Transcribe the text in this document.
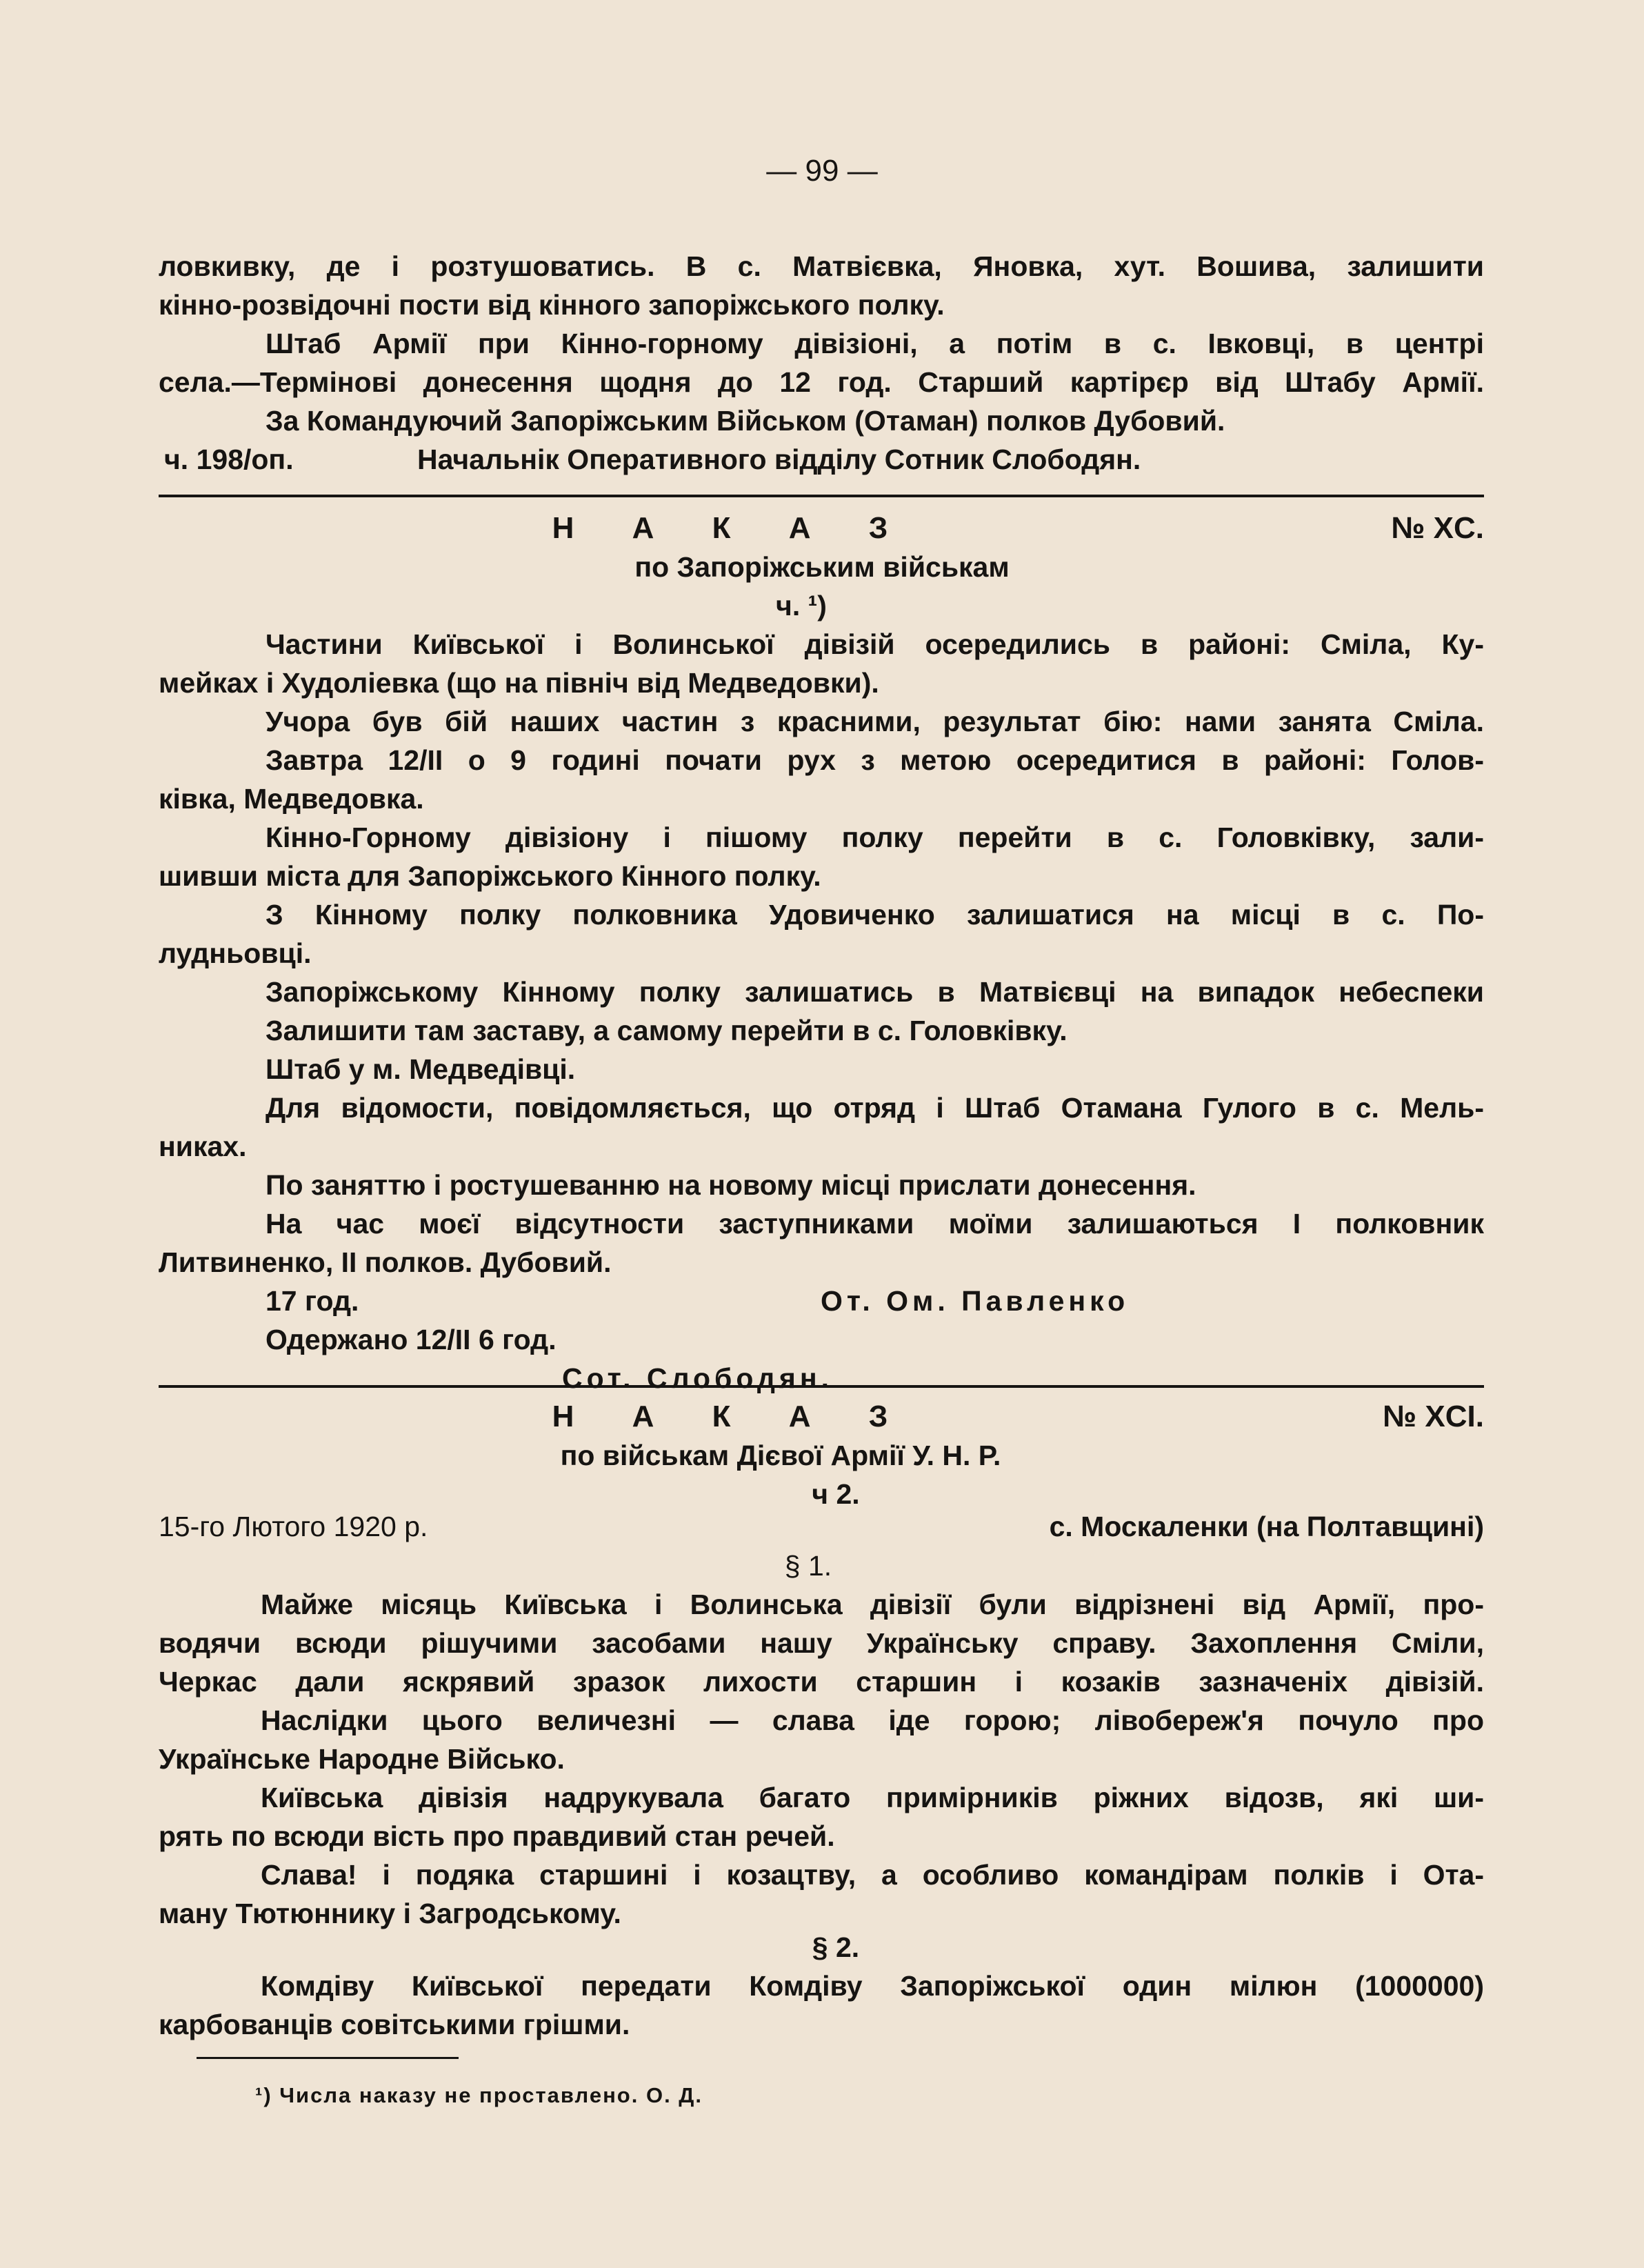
— 99 —
ловкивку, де і розтушоватись. В с. Матвієвка, Яновка, хут. Вошива, залишити
кінно-розвідочні пости від кінного запоріжського полку.
Штаб Армії при Кінно-горному дівізіоні, а потім в с. Івковці, в центрі
села.—Термінові донесення щодня до 12 год. Старший картірєр від Штабу Армії.
За Командуючий Запоріжським Військом (Отаман) полков Дубовий.
ч. 198/оп.	Начальнік Оперативного відділу Сотник Слободян.
Н А К А З	№ XC.
по Запоріжським військам
ч. ¹)
Частини Київської і Волинської дівізій осередились в районі: Сміла, Ку-
мейках і Худоліевка (що на північ від Медведовки).
Учора був бій наших частин з красними, результат бію: нами занята Сміла.
Завтра 12/ІІ о 9 годині почати рух з метою осередитися в районі: Голов-
ківка, Медведовка.
Кінно-Горному дівізіону і пішому полку перейти в с. Головківку, зали-
шивши міста для Запоріжського Кінного полку.
З Кінному полку полковника Удовиченко залишатися на місці в с. По-
лудньовці.
Запоріжському Кінному полку залишатись в Матвієвці на випадок небеспеки
Залишити там заставу, а самому перейти в с. Головківку.
Штаб у м. Медведівці.
Для відомости, повідомляється, що отряд і Штаб Отамана Гулого в с. Мель-
никах.
По заняттю і ростушеванню на новому місці прислати донесення.
На час моєї відсутности заступниками моїми залишаються І полковник
Литвиненко, II полков. Дубовий.
17 год.	От. Ом. Павленко
Одержано 12/ІІ 6 год.
Сот. Слободян.
Н А К А З	№ XCI.
по військам Дієвої Армії У. Н. Р.
ч 2.
15-го Лютого 1920 р.	с. Москаленки (на Полтавщині)
§ 1.
Майже місяць Київська і Волинська дівізії були відрізнені від Армії, про-
водячи всюди рішучими засобами нашу Українську справу. Захоплення Сміли,
Черкас дали яскрявий зразок лихости старшин і козаків зазначеніх дівізій.
Наслідки цього величезні — слава іде горою; лівобереж'я почуло про
Українське Народне Військо.
Київська дівізія надрукувала багато примірників ріжних відозв, які ши-
рять по всюди вість про правдивий стан речей.
Слава! і подяка старшині і козацтву, а особливо командірам полків і Ота-
ману Тютюннику і Загродському.
§ 2.
Комдіву Київської передати Комдіву Запоріжської один мілюн (1000000)
карбованців совітськими грішми.
¹) Числа наказу не проставлено. О. Д.
